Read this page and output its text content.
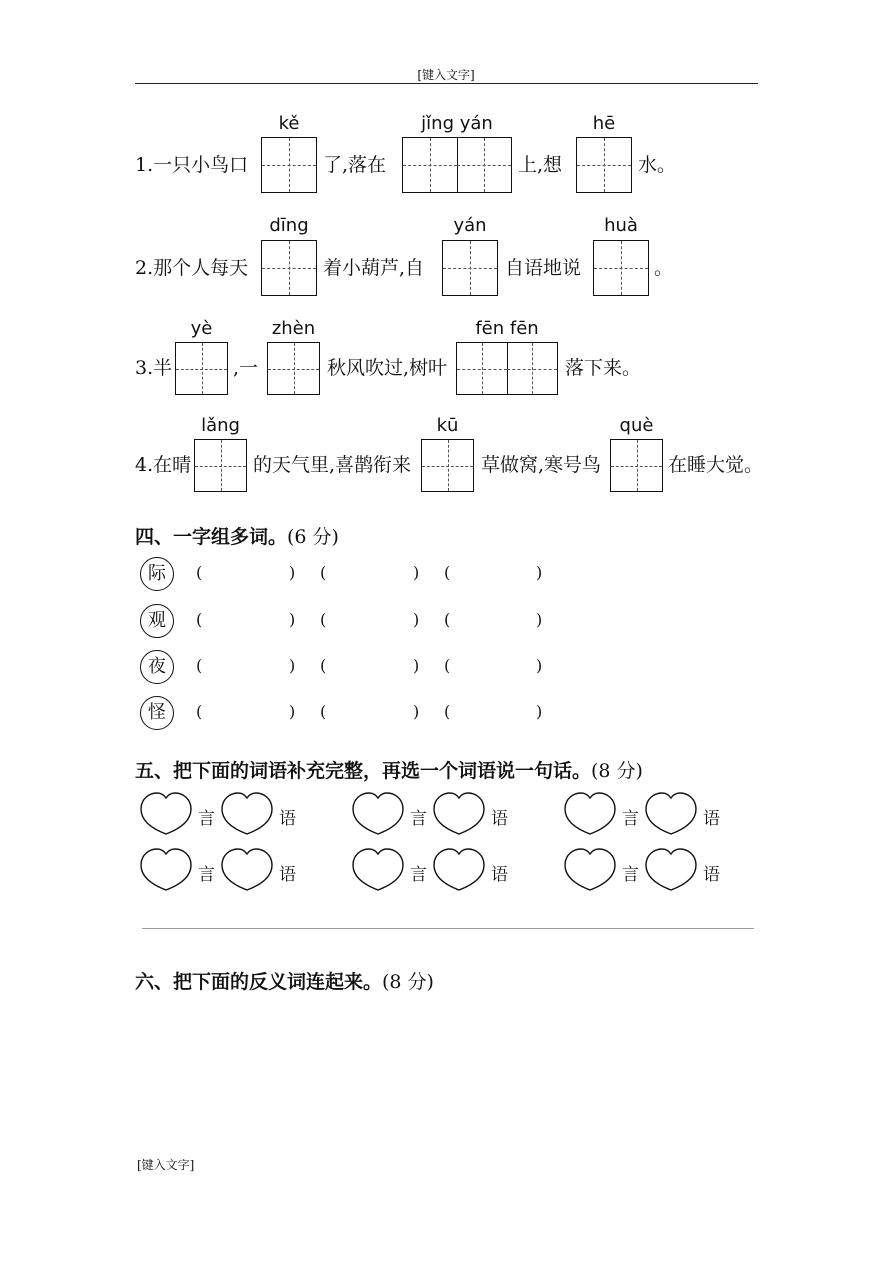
[键入文字]
1.一只小鸟口
kě
了,落在
jǐng yán
上,想
hē
水。
2.那个人每天
dīng
着小葫芦,自
yán
自语地说
huà
。
3.半
yè
,一
zhèn
秋风吹过,树叶
fēn fēn
落下来。
4.在晴
lǎng
的天气里,喜鹊衔来
kū
草做窝,寒号鸟
què
在睡大觉。
四、一字组多词。(6 分)
际	(	) (	) (	)
观	(	) (	) (	)
夜	(	) (	) (	)
怪	(	) (	) (	)
五、把下面的词语补充完整，再选一个词语说一句话。(8 分)
言	语	言	语	言	语
言	语	言	语	言	语
六、把下面的反义词连起来。(8 分)
[键入文字]
